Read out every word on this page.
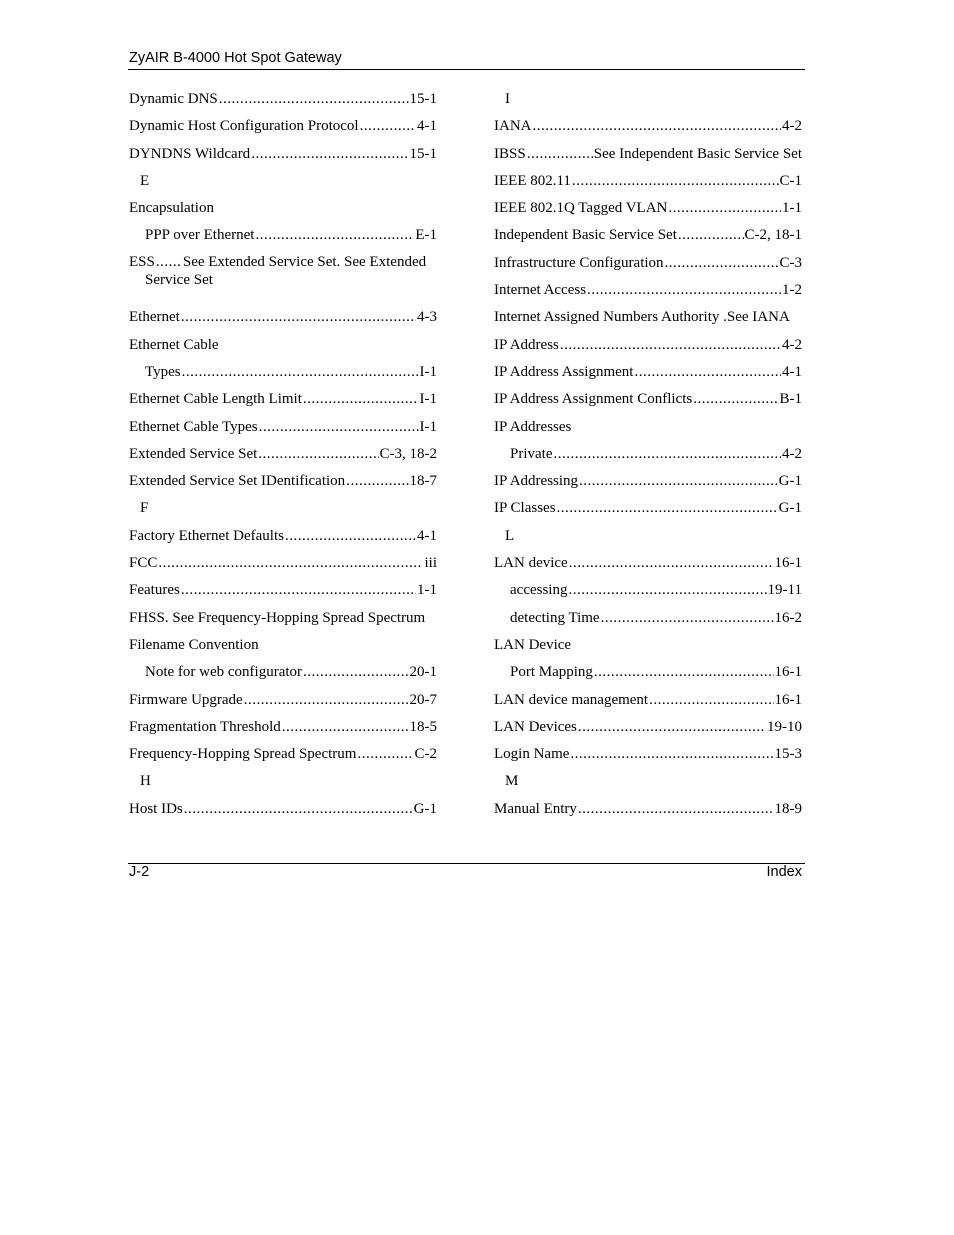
ZyAIR B-4000 Hot Spot Gateway
Dynamic DNS .....	15-1
Dynamic Host Configuration Protocol .....	4-1
DYNDNS Wildcard .....	15-1
E
Encapsulation
PPP over Ethernet .....	E-1
ESS ..... See Extended Service Set. See Extended
Service Set
Ethernet .....	4-3
Ethernet Cable
Types .....	I-1
Ethernet Cable Length Limit .....	I-1
Ethernet Cable Types .....	I-1
Extended Service Set .....	C-3, 18-2
Extended Service Set IDentification .....	18-7
F
Factory Ethernet Defaults .....	4-1
FCC .....	iii
Features .....	1-1
FHSS. See Frequency-Hopping Spread Spectrum
Filename Convention
Note for web configurator .....	20-1
Firmware Upgrade .....	20-7
Fragmentation Threshold .....	18-5
Frequency-Hopping Spread Spectrum .....	C-2
H
Host IDs .....	G-1
I
IANA .....	4-2
IBSS .....	See Independent Basic Service Set
IEEE 802.11 .....	C-1
IEEE 802.1Q Tagged VLAN .....	1-1
Independent Basic Service Set .....	C-2, 18-1
Infrastructure Configuration .....	C-3
Internet Access .....	1-2
Internet Assigned Numbers Authority .See IANA
IP Address .....	4-2
IP Address Assignment .....	4-1
IP Address Assignment Conflicts .....	B-1
IP Addresses
Private .....	4-2
IP Addressing .....	G-1
IP Classes .....	G-1
L
LAN device .....	16-1
accessing .....	19-11
detecting Time .....	16-2
LAN Device
Port Mapping .....	16-1
LAN device management .....	16-1
LAN Devices .....	19-10
Login Name .....	15-3
M
Manual Entry .....	18-9
J-2	Index
